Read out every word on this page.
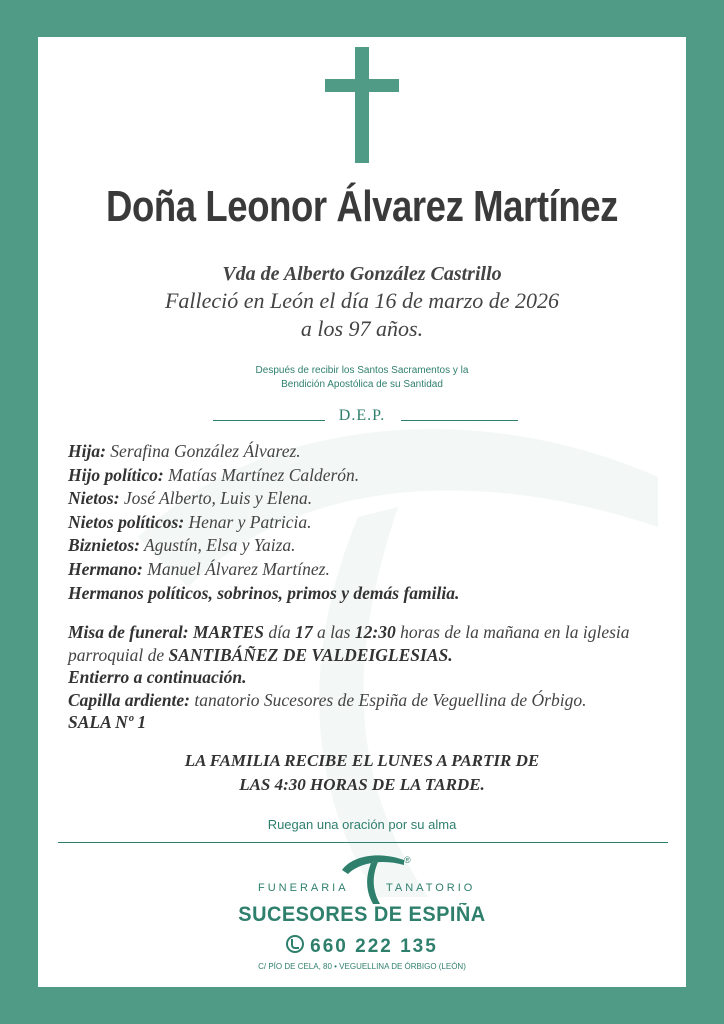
Doña Leonor Álvarez Martínez
Vda de Alberto González Castrillo
Falleció en León el día 16 de marzo de 2026
a los 97 años.
Después de recibir los Santos Sacramentos y la
Bendición Apostólica de su Santidad
D.E.P.
Hija: Serafina González Álvarez.
Hijo político: Matías Martínez Calderón.
Nietos: José Alberto, Luis y Elena.
Nietos políticos: Henar y Patricia.
Biznietos: Agustín, Elsa y Yaiza.
Hermano: Manuel Álvarez Martínez.
Hermanos políticos, sobrinos, primos y demás familia.
Misa de funeral: MARTES día 17 a las 12:30 horas de la mañana en la iglesia parroquial de SANTIBÁÑEZ DE VALDEIGLESIAS.
Entierro a continuación.
Capilla ardiente: tanatorio Sucesores de Espiña de Veguellina de Órbigo.
SALA Nº 1
LA FAMILIA RECIBE EL LUNES A PARTIR DE
LAS 4:30 HORAS DE LA TARDE.
Ruegan una oración por su alma
®
FUNERARIA	TANATORIO
SUCESORES DE ESPIÑA
660 222 135
C/ PÍO DE CELA, 80 • VEGUELLINA DE ÓRBIGO (LEÓN)
